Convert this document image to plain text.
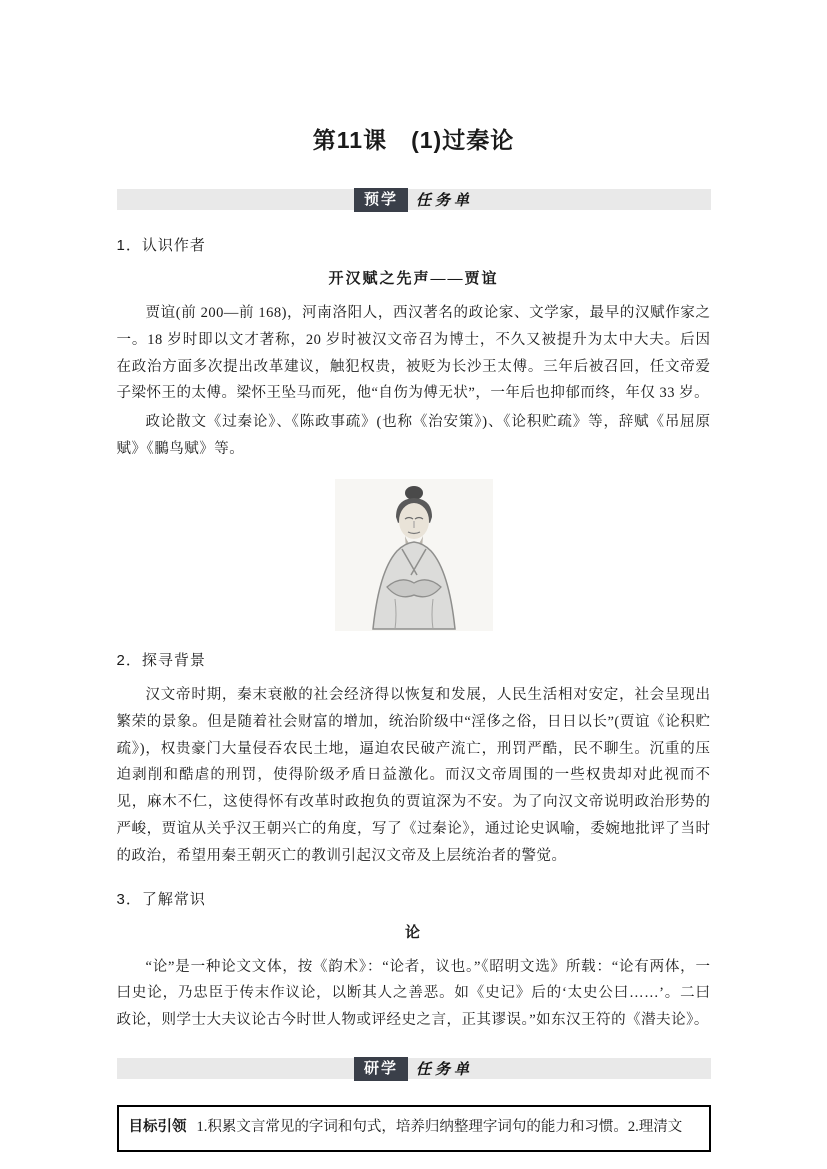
第11课　(1)过秦论
预学	任务单
1．认识作者
开汉赋之先声——贾谊

贾谊(前 200—前 168)，河南洛阳人，西汉著名的政论家、文学家，最早的汉赋作家之一。18 岁时即以文才著称，20 岁时被汉文帝召为博士，不久又被提升为太中大夫。后因在政治方面多次提出改革建议，触犯权贵，被贬为长沙王太傅。三年后被召回，任文帝爱子梁怀王的太傅。梁怀王坠马而死，他“自伤为傅无状”，一年后也抑郁而终，年仅 33 岁。

政论散文《过秦论》、《陈政事疏》(也称《治安策》)、《论积贮疏》等，辞赋《吊屈原赋》《鵩鸟赋》等。

2．探寻背景

汉文帝时期，秦末衰敝的社会经济得以恢复和发展，人民生活相对安定，社会呈现出繁荣的景象。但是随着社会财富的增加，统治阶级中“淫侈之俗，日日以长”(贾谊《论积贮疏》)，权贵豪门大量侵吞农民土地，逼迫农民破产流亡，刑罚严酷，民不聊生。沉重的压迫剥削和酷虐的刑罚，使得阶级矛盾日益激化。而汉文帝周围的一些权贵却对此视而不见，麻木不仁，这使得怀有改革时政抱负的贾谊深为不安。为了向汉文帝说明政治形势的严峻，贾谊从关乎汉王朝兴亡的角度，写了《过秦论》，通过论史讽喻，委婉地批评了当时的政治，希望用秦王朝灭亡的教训引起汉文帝及上层统治者的警觉。

3．了解常识
论

“论”是一种论文文体，按《韵术》：“论者，议也。”《昭明文选》所载：“论有两体，一曰史论，乃忠臣于传末作议论，以断其人之善恶。如《史记》后的‘太史公曰……’。二曰政论，则学士大夫议论古今时世人物或评经史之言，正其谬误。”如东汉王符的《潜夫论》。

研学	任务单
目标引领 1.积累文言常见的字词和句式，培养归纳整理字词句的能力和习惯。2.理清文
